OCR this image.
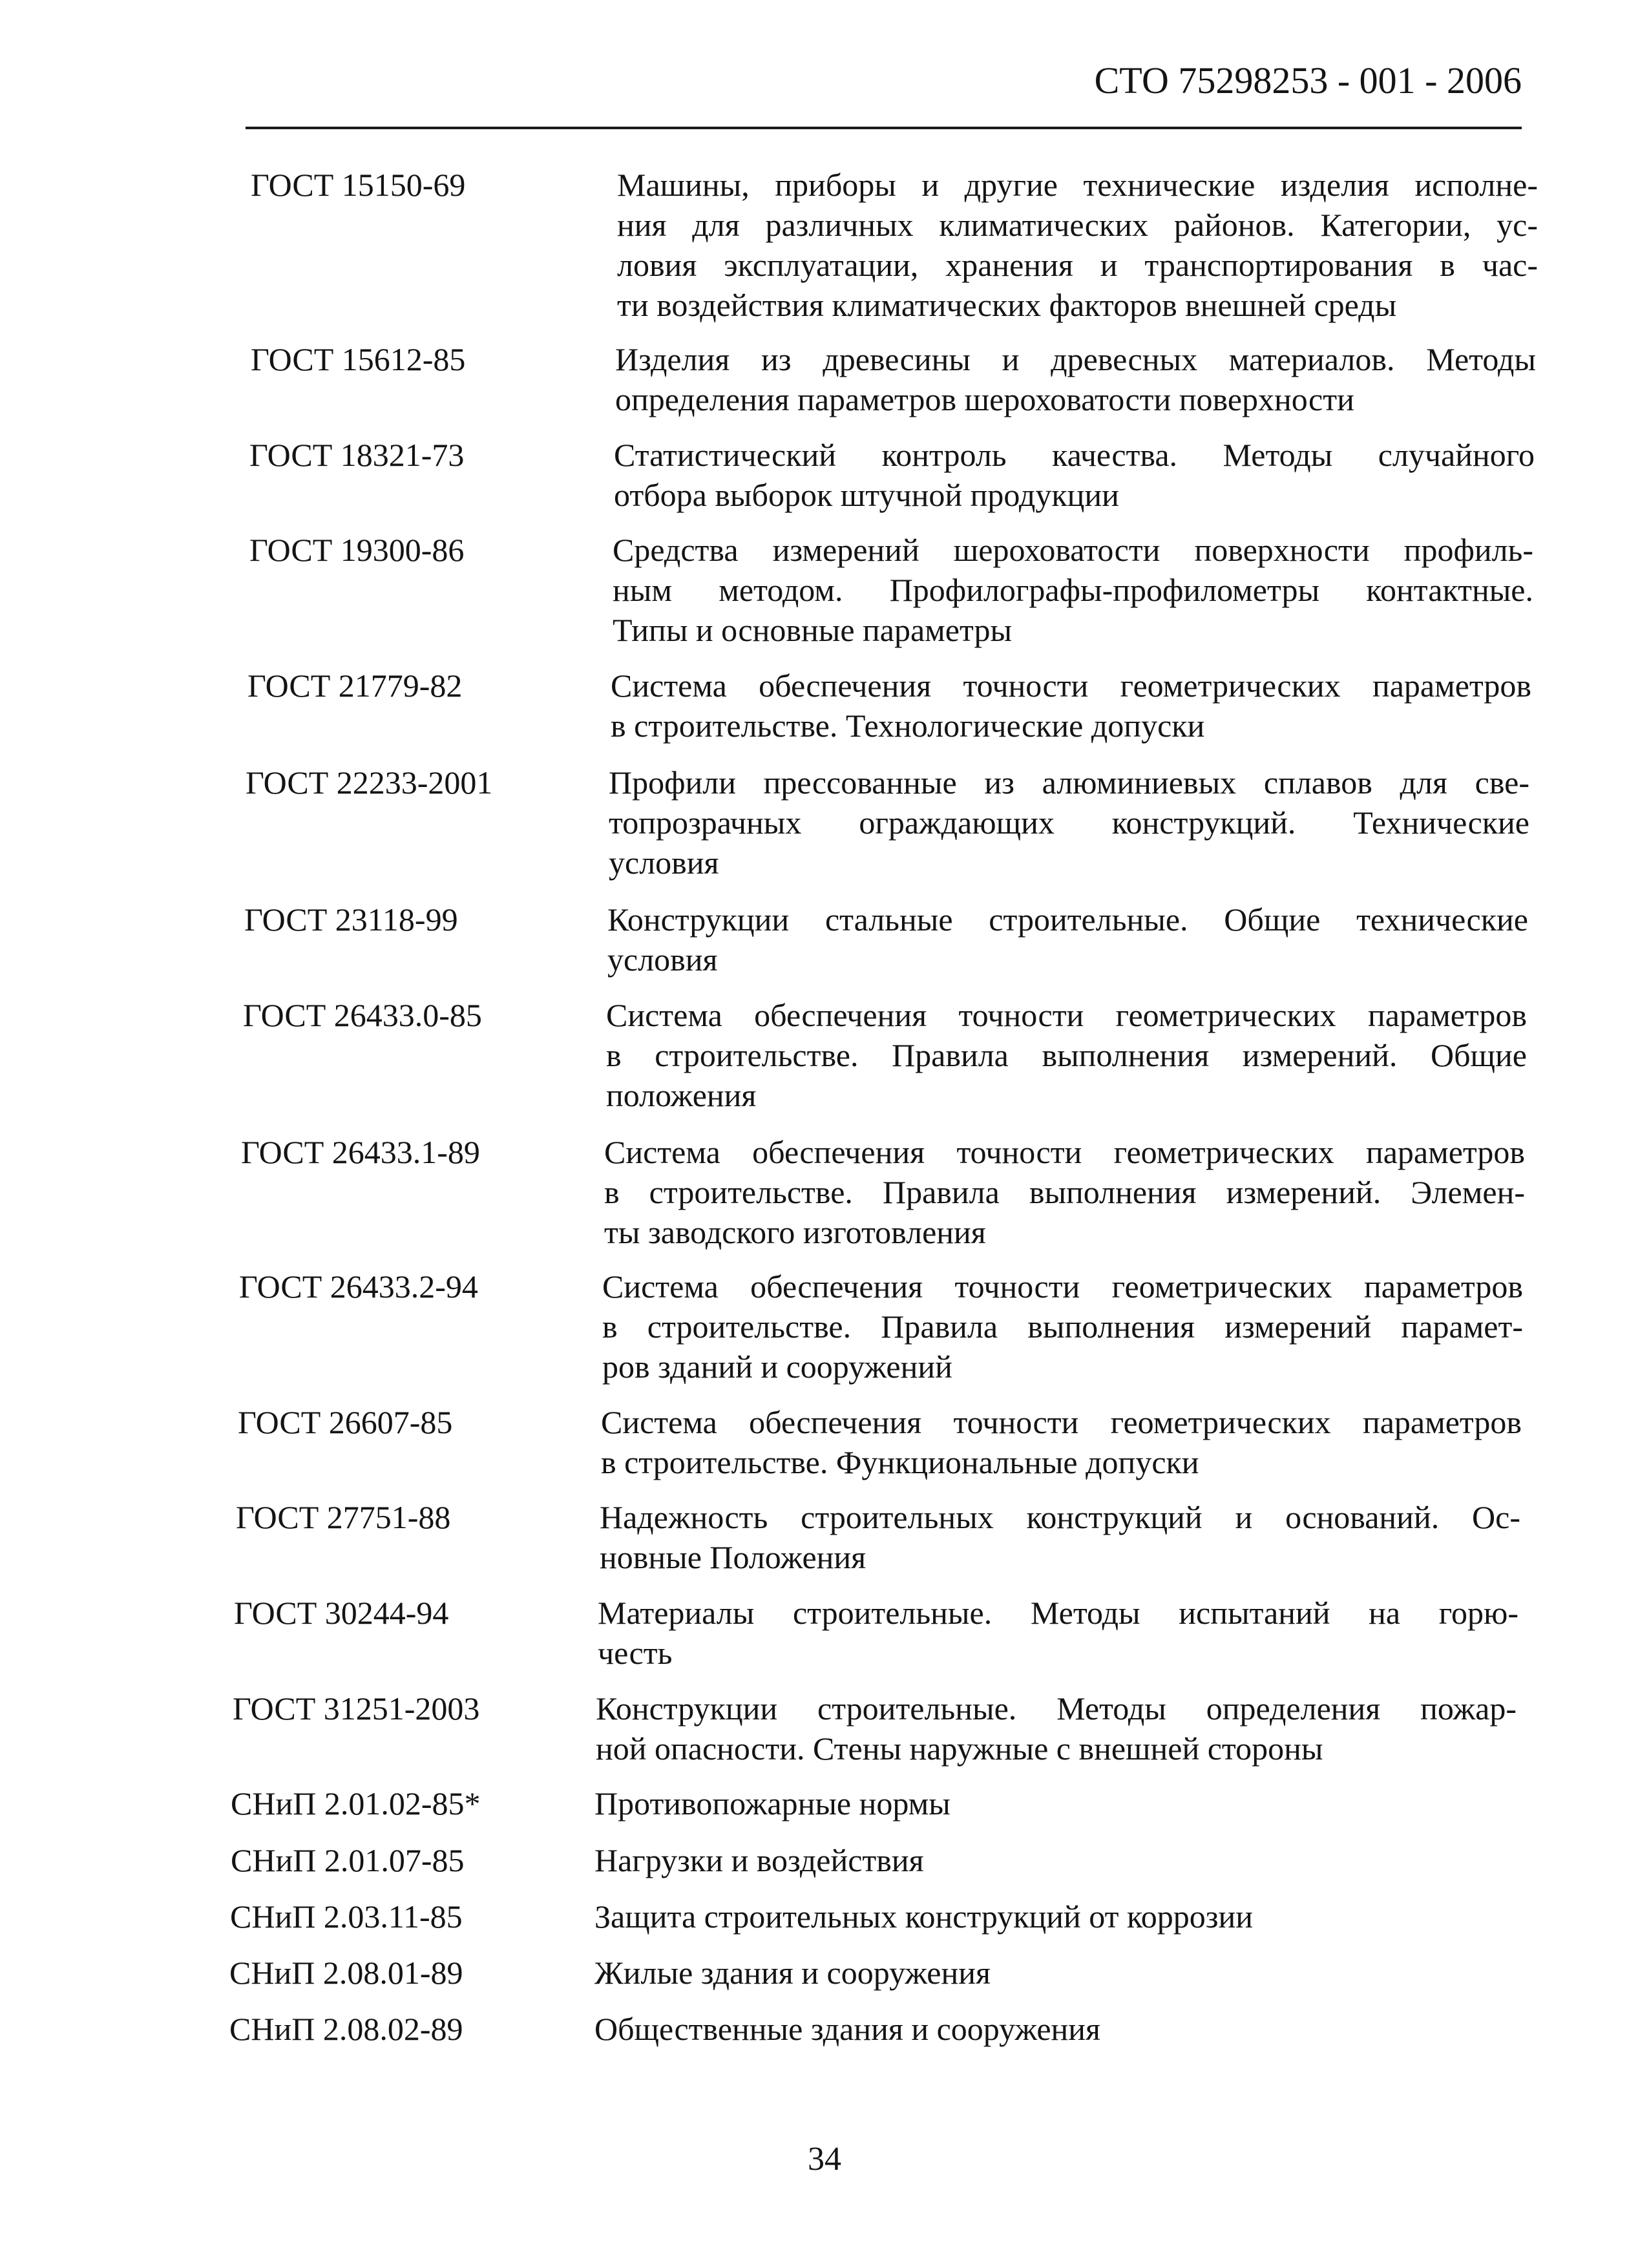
СТО 75298253 - 001 - 2006
ГОСТ 15150-69	Машины, приборы и другие технические изделия исполне-
ния для различных климатических районов. Категории, ус-
ловия эксплуатации, хранения и транспортирования в час-
ти воздействия климатических факторов внешней среды
ГОСТ 15612-85	Изделия из древесины и древесных материалов. Методы
определения параметров шероховатости поверхности
ГОСТ 18321-73	Статистический контроль качества. Методы случайного
отбора выборок штучной продукции
ГОСТ 19300-86	Средства измерений шероховатости поверхности профиль-
ным методом. Профилографы-профилометры контактные.
Типы и основные параметры
ГОСТ 21779-82	Система обеспечения точности геометрических параметров
в строительстве. Технологические допуски
ГОСТ 22233-2001	Профили прессованные из алюминиевых сплавов для све-
топрозрачных ограждающих конструкций. Технические
условия
ГОСТ 23118-99	Конструкции стальные строительные. Общие технические
условия
ГОСТ 26433.0-85	Система обеспечения точности геометрических параметров
в строительстве. Правила выполнения измерений. Общие
положения
ГОСТ 26433.1-89	Система обеспечения точности геометрических параметров
в строительстве. Правила выполнения измерений. Элемен-
ты заводского изготовления
ГОСТ 26433.2-94	Система обеспечения точности геометрических параметров
в строительстве. Правила выполнения измерений парамет-
ров зданий и сооружений
ГОСТ 26607-85	Система обеспечения точности геометрических параметров
в строительстве. Функциональные допуски
ГОСТ 27751-88	Надежность строительных конструкций и оснований. Ос-
новные Положения
ГОСТ 30244-94	Материалы строительные. Методы испытаний на горю-
честь
ГОСТ 31251-2003	Конструкции строительные. Методы определения пожар-
ной опасности. Стены наружные с внешней стороны
СНиП 2.01.02-85*	Противопожарные нормы
СНиП 2.01.07-85	Нагрузки и воздействия
СНиП 2.03.11-85	Защита строительных конструкций от коррозии
СНиП 2.08.01-89	Жилые здания и сооружения
СНиП 2.08.02-89	Общественные здания и сооружения
34
